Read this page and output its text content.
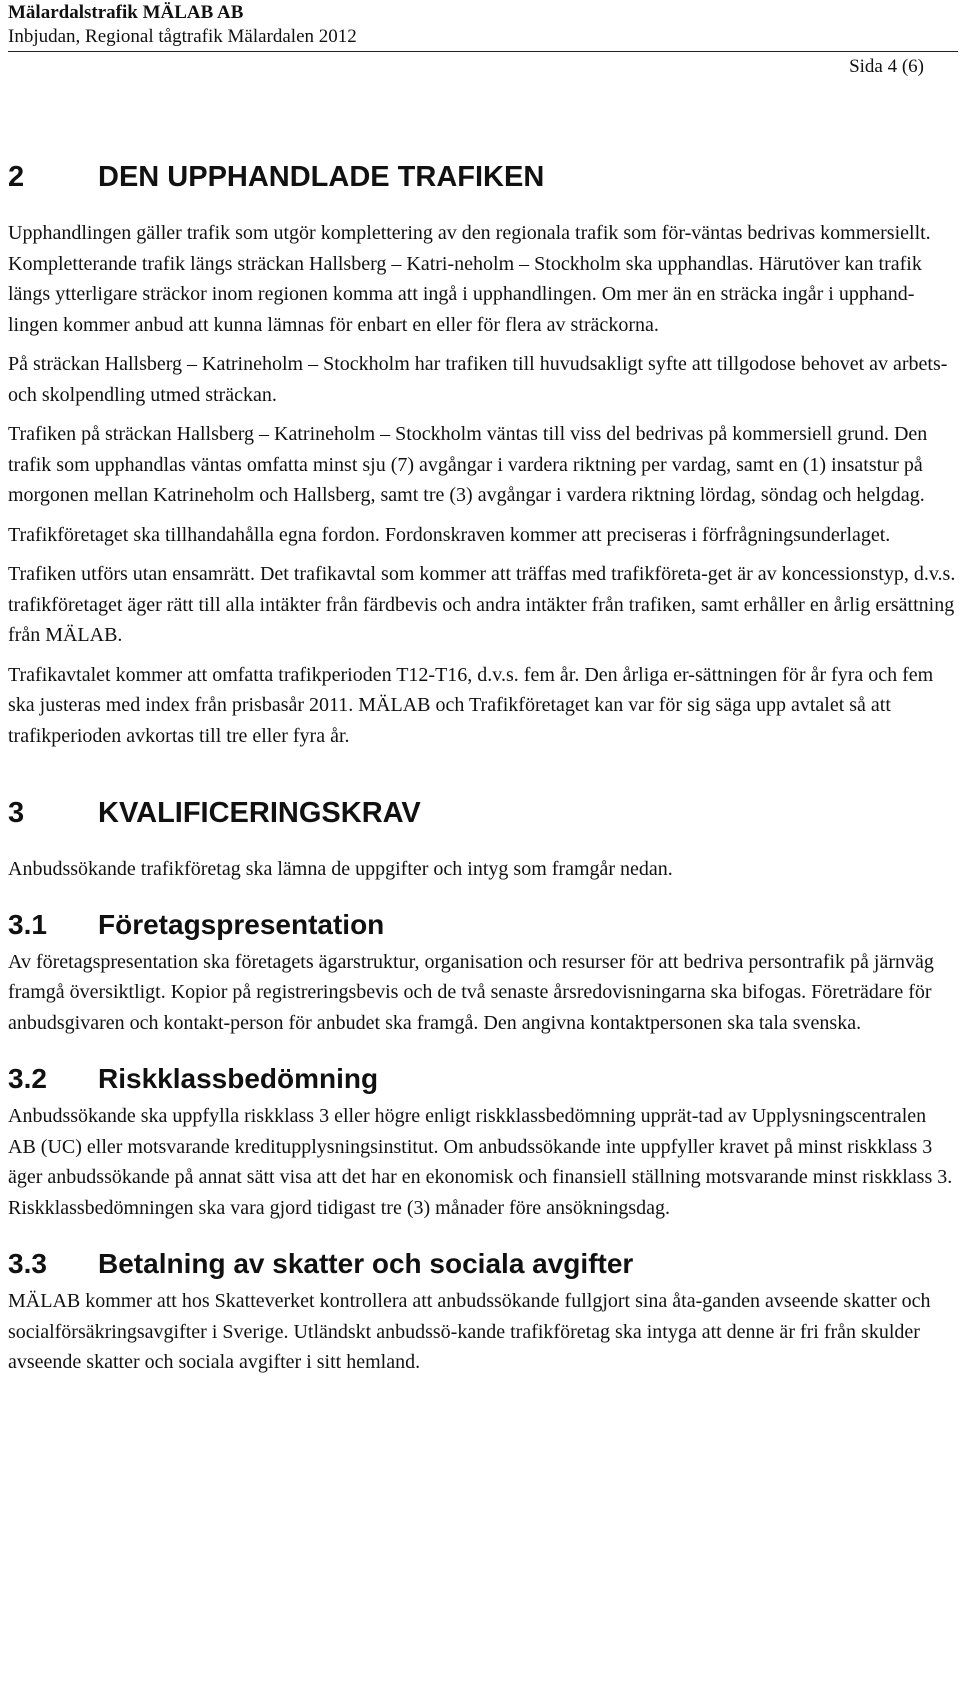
Mälardalstrafik MÄLAB AB
Inbjudan, Regional tågtrafik Mälardalen 2012
Sida 4 (6)
2	DEN UPPHANDLADE TRAFIKEN

Upphandlingen gäller trafik som utgör komplettering av den regionala trafik som för-väntas bedrivas kommersiellt. Kompletterande trafik längs sträckan Hallsberg – Katri-neholm – Stockholm ska upphandlas. Härutöver kan trafik längs ytterligare sträckor inom regionen komma att ingå i upphandlingen. Om mer än en sträcka ingår i upphand-lingen kommer anbud att kunna lämnas för enbart en eller för flera av sträckorna.

På sträckan Hallsberg – Katrineholm – Stockholm har trafiken till huvudsakligt syfte att tillgodose behovet av arbets- och skolpendling utmed sträckan.

Trafiken på sträckan Hallsberg – Katrineholm – Stockholm väntas till viss del bedrivas på kommersiell grund. Den trafik som upphandlas väntas omfatta minst sju (7) avgångar i vardera riktning per vardag, samt en (1) insatstur på morgonen mellan Katrineholm och Hallsberg, samt tre (3) avgångar i vardera riktning lördag, söndag och helgdag.

Trafikföretaget ska tillhandahålla egna fordon. Fordonskraven kommer att preciseras i förfrågningsunderlaget.

Trafiken utförs utan ensamrätt. Det trafikavtal som kommer att träffas med trafikföreta-get är av koncessionstyp, d.v.s. trafikföretaget äger rätt till alla intäkter från färdbevis och andra intäkter från trafiken, samt erhåller en årlig ersättning från MÄLAB.

Trafikavtalet kommer att omfatta trafikperioden T12-T16, d.v.s. fem år. Den årliga er-sättningen för år fyra och fem ska justeras med index från prisbasår 2011. MÄLAB och Trafikföretaget kan var för sig säga upp avtalet så att trafikperioden avkortas till tre eller fyra år.

3	KVALIFICERINGSKRAV

Anbudssökande trafikföretag ska lämna de uppgifter och intyg som framgår nedan.

3.1 Företagspresentation

Av företagspresentation ska företagets ägarstruktur, organisation och resurser för att bedriva persontrafik på järnväg framgå översiktligt. Kopior på registreringsbevis och de två senaste årsredovisningarna ska bifogas. Företrädare för anbudsgivaren och kontakt-person för anbudet ska framgå. Den angivna kontaktpersonen ska tala svenska.

3.2 Riskklassbedömning

Anbudssökande ska uppfylla riskklass 3 eller högre enligt riskklassbedömning upprät-tad av Upplysningscentralen AB (UC) eller motsvarande kreditupplysningsinstitut. Om anbudssökande inte uppfyller kravet på minst riskklass 3 äger anbudssökande på annat sätt visa att det har en ekonomisk och finansiell ställning motsvarande minst riskklass 3. Riskklassbedömningen ska vara gjord tidigast tre (3) månader före ansökningsdag.

3.3 Betalning av skatter och sociala avgifter

MÄLAB kommer att hos Skatteverket kontrollera att anbudssökande fullgjort sina åta-ganden avseende skatter och socialförsäkringsavgifter i Sverige. Utländskt anbudssö-kande trafikföretag ska intyga att denne är fri från skulder avseende skatter och sociala avgifter i sitt hemland.
